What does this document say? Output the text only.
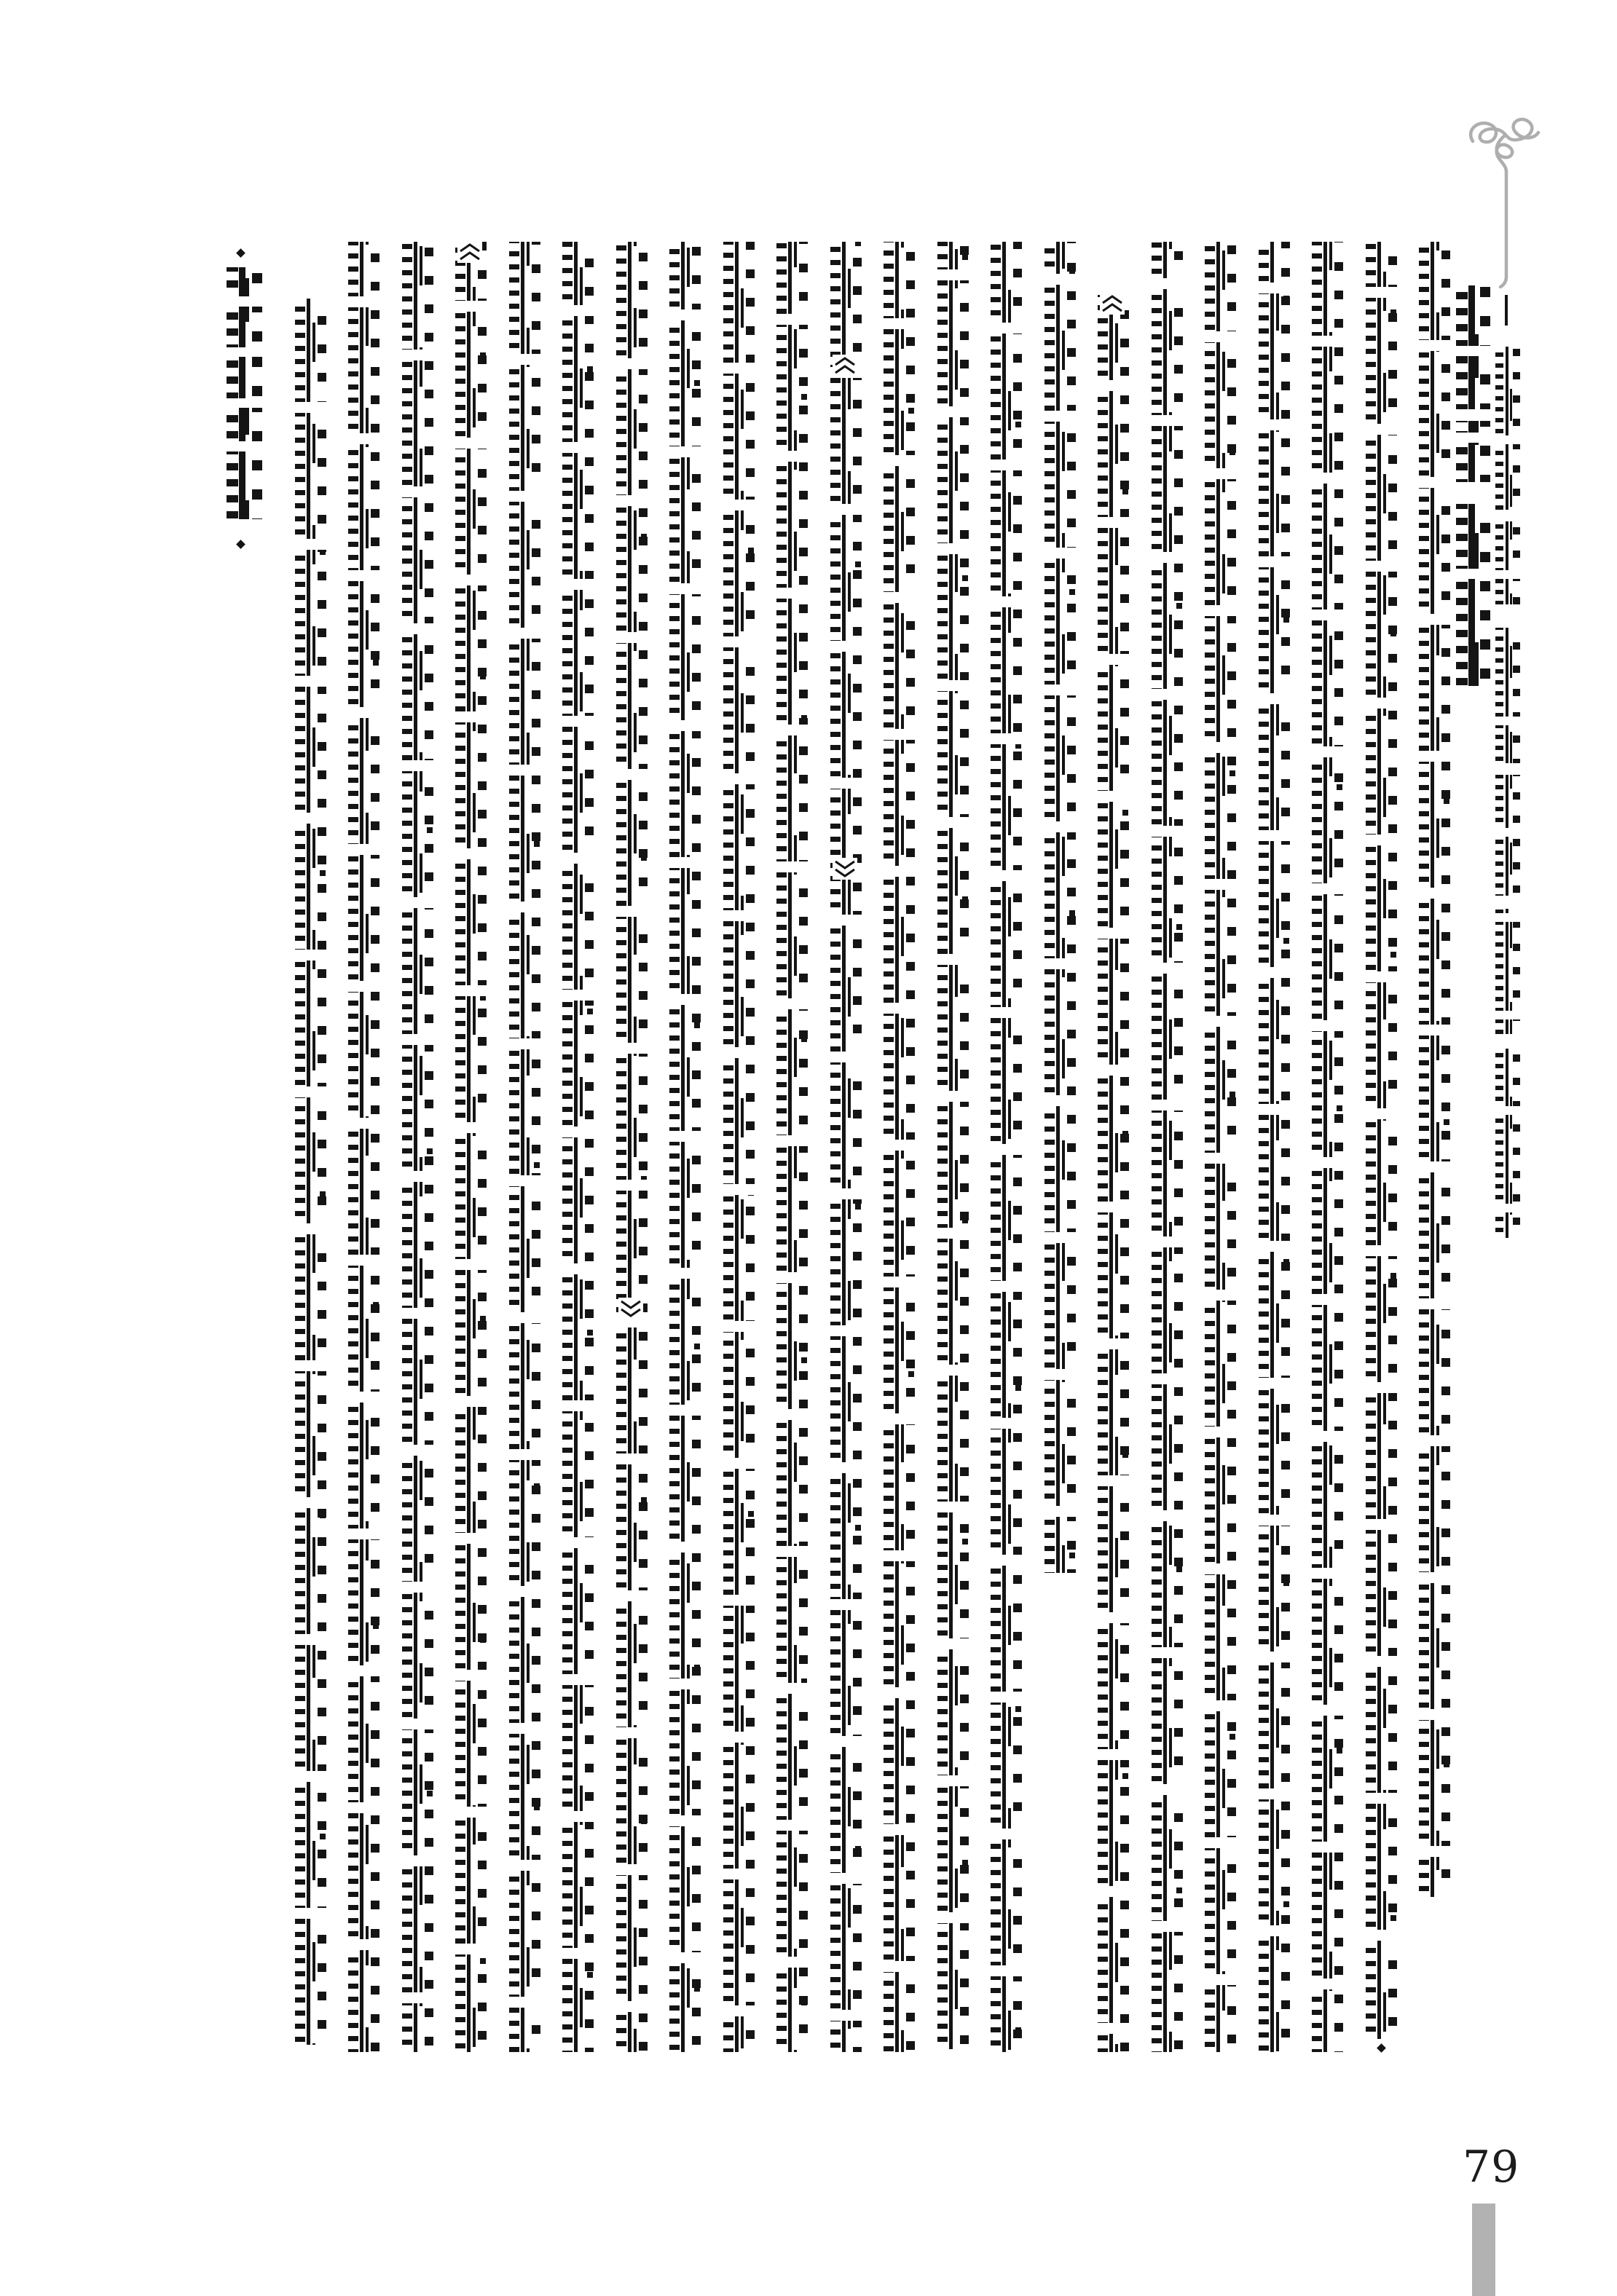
79
